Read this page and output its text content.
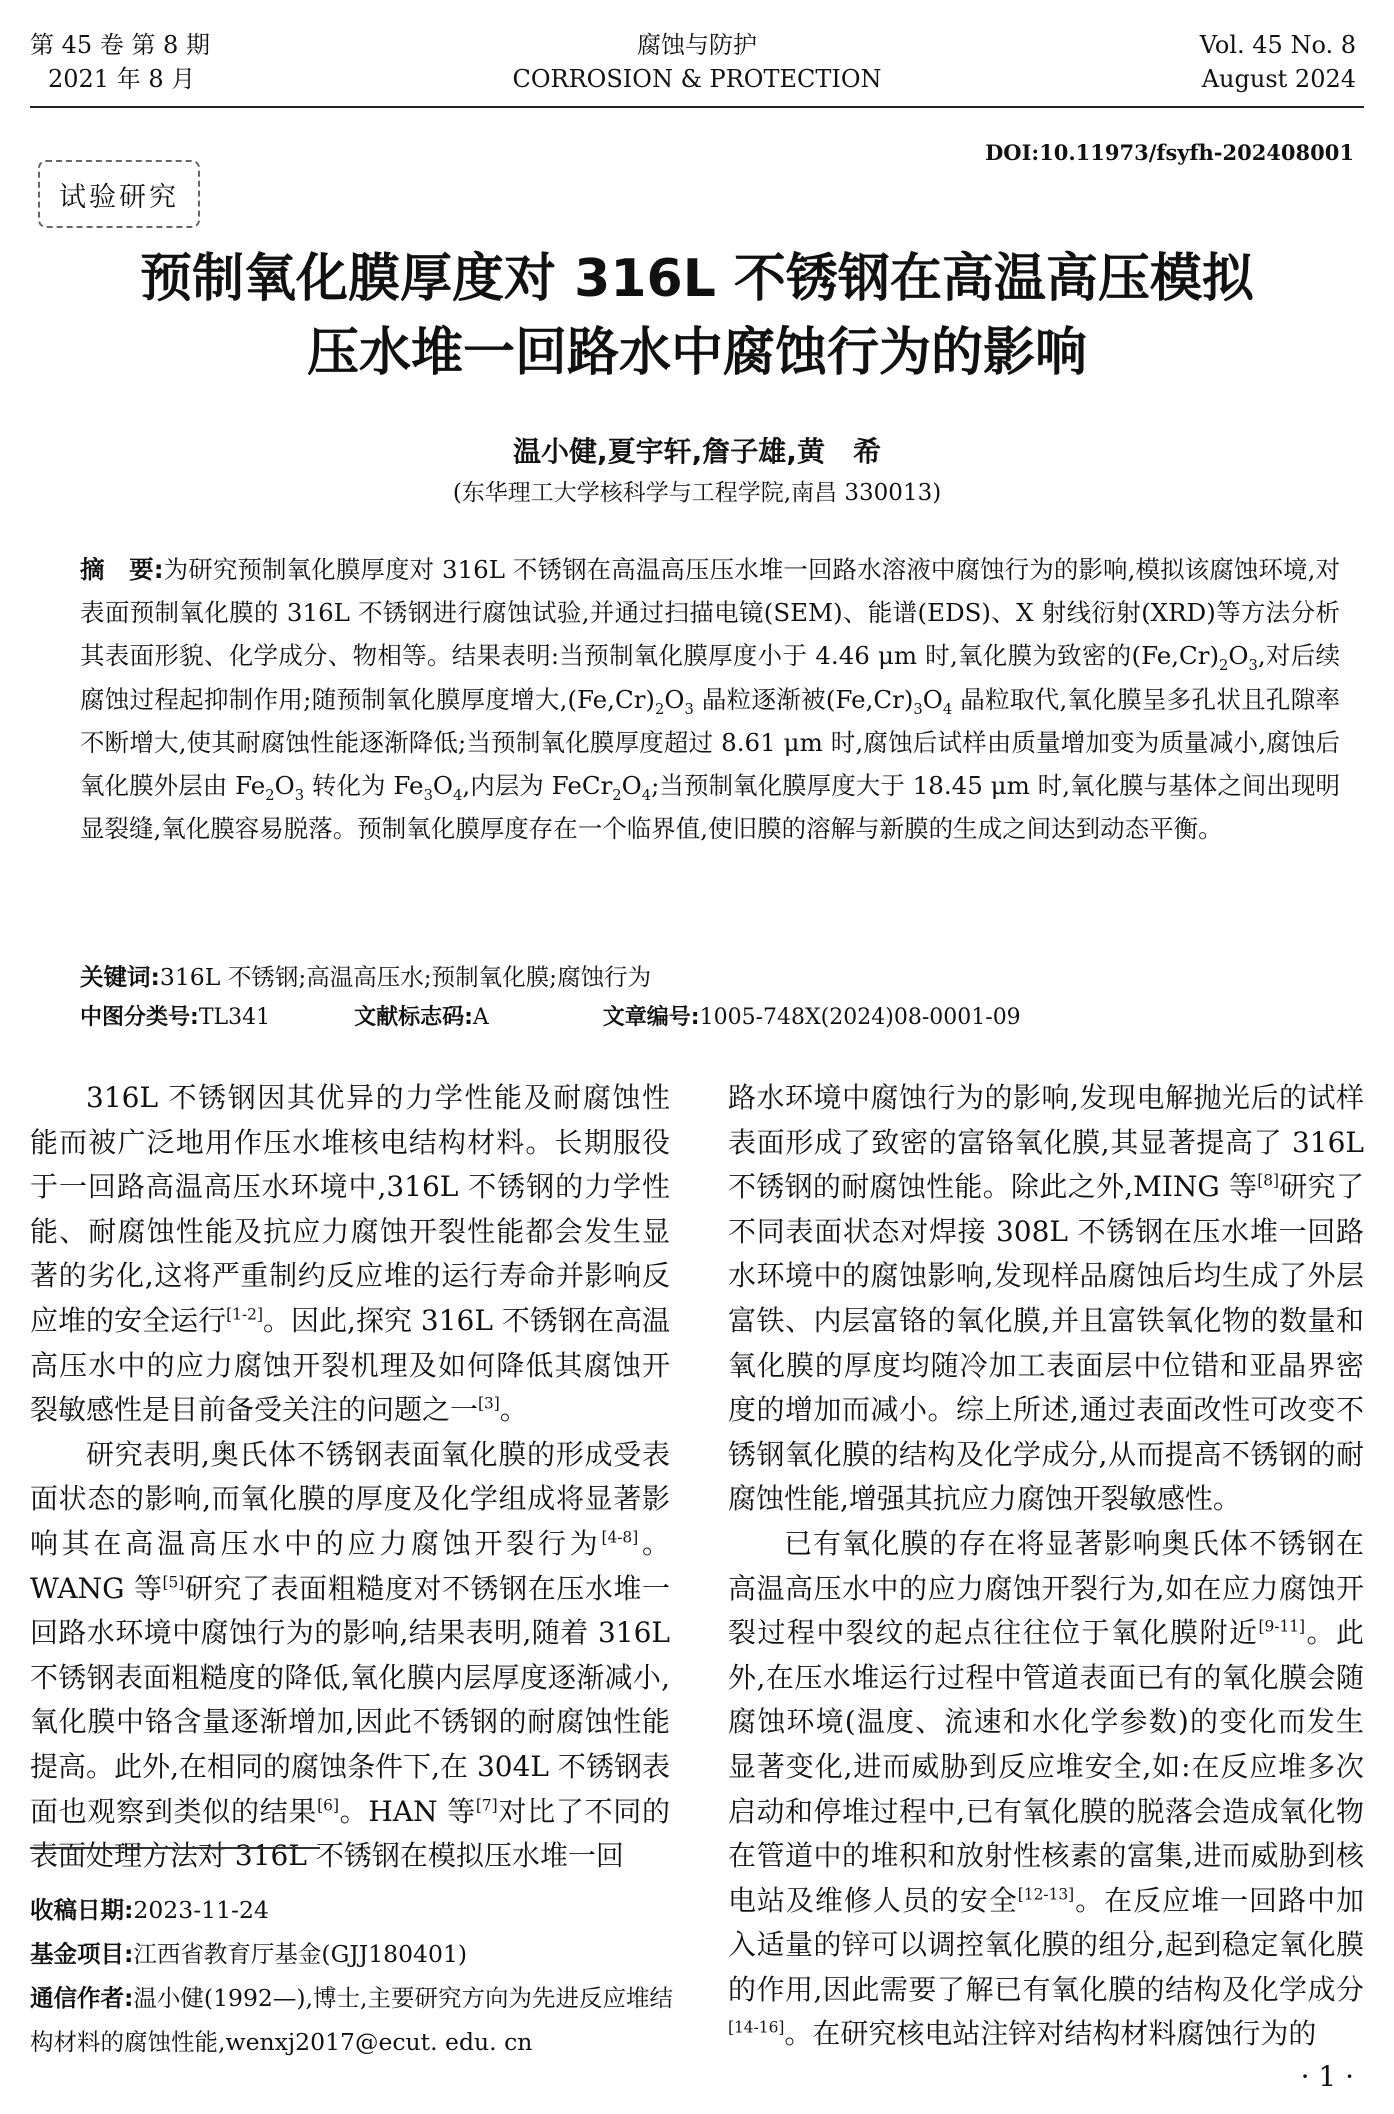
第 45 卷 第 8 期
2021 年 8 月
腐蚀与防护
CORROSION & PROTECTION
Vol. 45 No. 8
August 2024
DOI:10.11973/fsyfh-202408001
试验研究
预制氧化膜厚度对 316L 不锈钢在高温高压模拟
压水堆一回路水中腐蚀行为的影响
温小健,夏宇轩,詹子雄,黄　希
(东华理工大学核科学与工程学院,南昌 330013)
摘　要:为研究预制氧化膜厚度对 316L 不锈钢在高温高压压水堆一回路水溶液中腐蚀行为的影响,模拟该腐蚀环境,对表面预制氧化膜的 316L 不锈钢进行腐蚀试验,并通过扫描电镜(SEM)、能谱(EDS)、X 射线衍射(XRD)等方法分析其表面形貌、化学成分、物相等。结果表明:当预制氧化膜厚度小于 4.46 μm 时,氧化膜为致密的$(Fe,Cr)_2O_3$,对后续腐蚀过程起抑制作用;随预制氧化膜厚度增大$,(Fe,Cr)_2O_3$ 晶粒逐渐被$(Fe,Cr)_3O_4$ 晶粒取代,氧化膜呈多孔状且孔隙率不断增大,使其耐腐蚀性能逐渐降低;当预制氧化膜厚度超过 8.61 μm 时,腐蚀后试样由质量增加变为质量减小,腐蚀后氧化膜外层由 $Fe_2O_3$ 转化为 $Fe_3O_4$,内层为 $FeCr_2O_4$;当预制氧化膜厚度大于 18.45 μm 时,氧化膜与基体之间出现明显裂缝,氧化膜容易脱落。预制氧化膜厚度存在一个临界值,使旧膜的溶解与新膜的生成之间达到动态平衡。
关键词:316L 不锈钢;高温高压水;预制氧化膜;腐蚀行为
中图分类号:TL341	文献标志码:A	文章编号:1005-748X(2024)08-0001-09

316L 不锈钢因其优异的力学性能及耐腐蚀性能而被广泛地用作压水堆核电结构材料。长期服役于一回路高温高压水环境中,316L 不锈钢的力学性能、耐腐蚀性能及抗应力腐蚀开裂性能都会发生显著的劣化,这将严重制约反应堆的运行寿命并影响反应堆的安全运行[1-2]。因此,探究 316L 不锈钢在高温高压水中的应力腐蚀开裂机理及如何降低其腐蚀开裂敏感性是目前备受关注的问题之一[3]。

研究表明,奥氏体不锈钢表面氧化膜的形成受表面状态的影响,而氧化膜的厚度及化学组成将显著影响其在高温高压水中的应力腐蚀开裂行为[4-8]。WANG 等[5]研究了表面粗糙度对不锈钢在压水堆一回路水环境中腐蚀行为的影响,结果表明,随着 316L 不锈钢表面粗糙度的降低,氧化膜内层厚度逐渐减小,氧化膜中铬含量逐渐增加,因此不锈钢的耐腐蚀性能提高。此外,在相同的腐蚀条件下,在 304L 不锈钢表面也观察到类似的结果[6]。HAN 等[7]对比了不同的表面处理方法对 316L 不锈钢在模拟压水堆一回

路水环境中腐蚀行为的影响,发现电解抛光后的试样表面形成了致密的富铬氧化膜,其显著提高了 316L 不锈钢的耐腐蚀性能。除此之外,MING 等[8]研究了不同表面状态对焊接 308L 不锈钢在压水堆一回路水环境中的腐蚀影响,发现样品腐蚀后均生成了外层富铁、内层富铬的氧化膜,并且富铁氧化物的数量和氧化膜的厚度均随冷加工表面层中位错和亚晶界密度的增加而减小。综上所述,通过表面改性可改变不锈钢氧化膜的结构及化学成分,从而提高不锈钢的耐腐蚀性能,增强其抗应力腐蚀开裂敏感性。

已有氧化膜的存在将显著影响奥氏体不锈钢在高温高压水中的应力腐蚀开裂行为,如在应力腐蚀开裂过程中裂纹的起点往往位于氧化膜附近[9-11]。此外,在压水堆运行过程中管道表面已有的氧化膜会随腐蚀环境(温度、流速和水化学参数)的变化而发生显著变化,进而威胁到反应堆安全,如:在反应堆多次启动和停堆过程中,已有氧化膜的脱落会造成氧化物在管道中的堆积和放射性核素的富集,进而威胁到核电站及维修人员的安全[12-13]。在反应堆一回路中加入适量的锌可以调控氧化膜的组分,起到稳定氧化膜的作用,因此需要了解已有氧化膜的结构及化学成分[14-16]。在研究核电站注锌对结构材料腐蚀行为的

收稿日期:2023-11-24
基金项目:江西省教育厅基金(GJJ180401)
通信作者:温小健(1992—),博士,主要研究方向为先进反应堆结构材料的腐蚀性能,wenxj2017@ecut. edu. cn
· 1 ·
